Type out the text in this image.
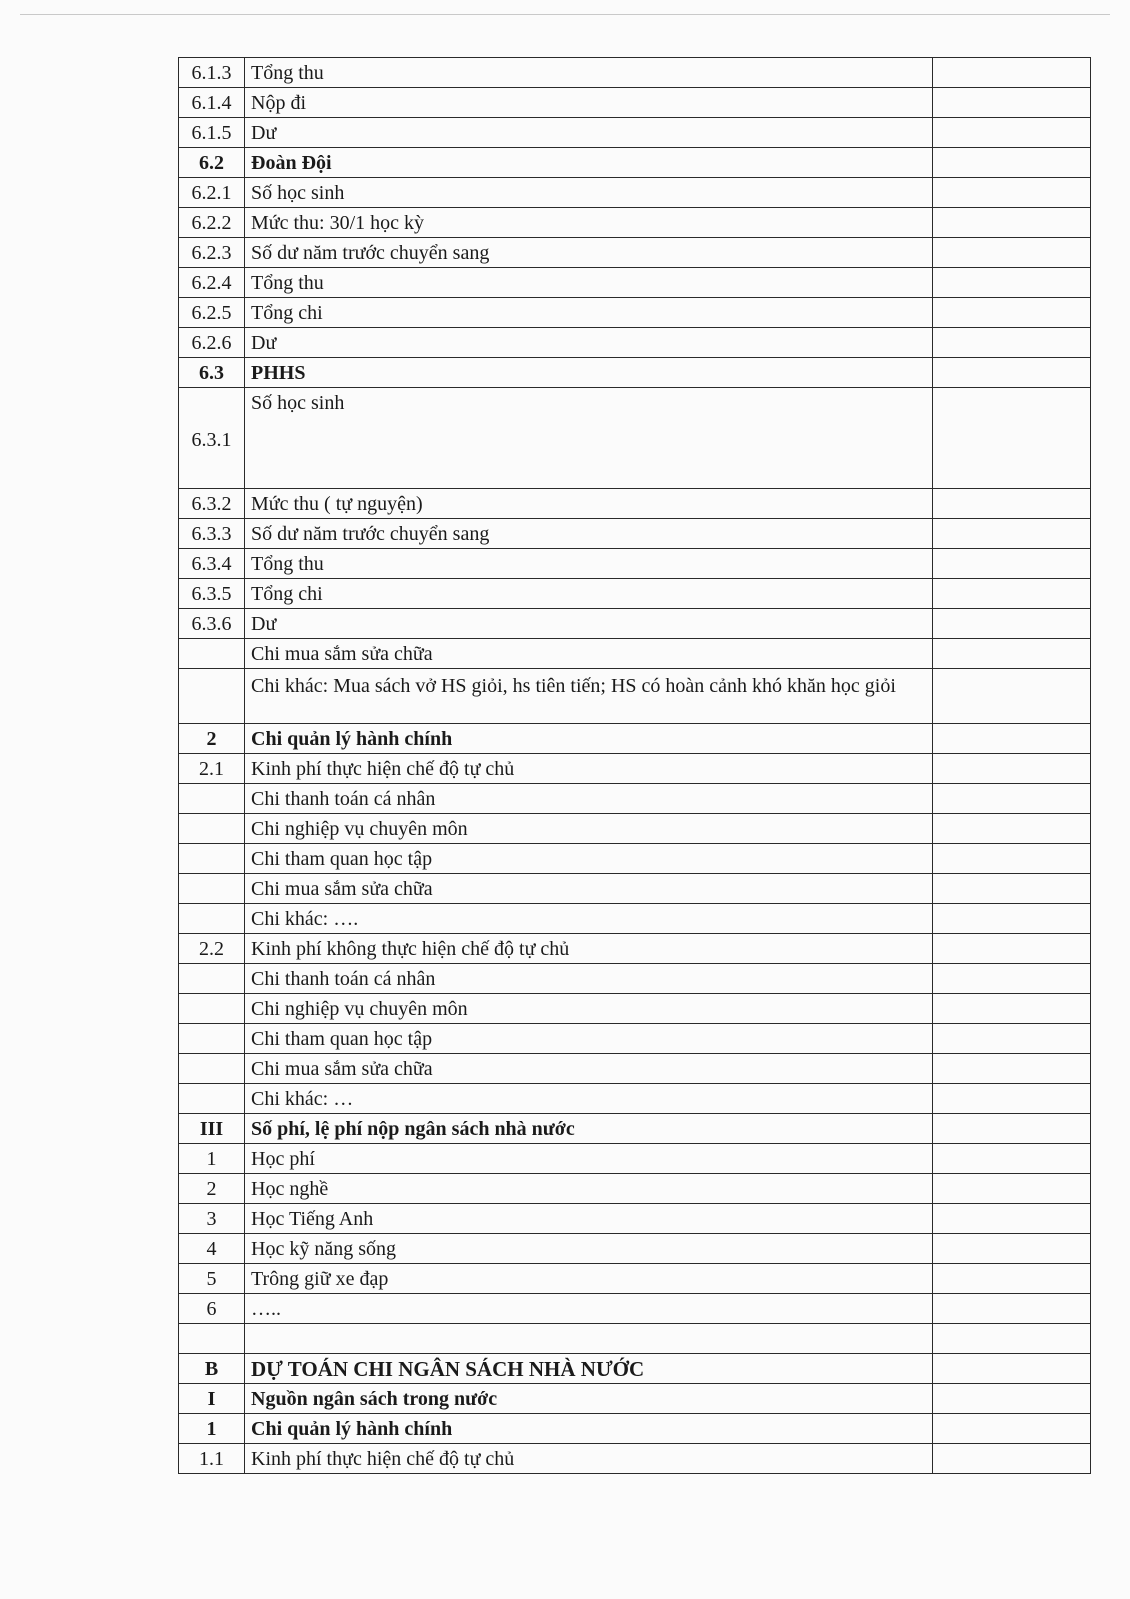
6.1.3	Tổng thu	
6.1.4	Nộp đi	
6.1.5	Dư	
6.2	Đoàn Đội	
6.2.1	Số học sinh	
6.2.2	Mức thu: 30/1 học kỳ	
6.2.3	Số dư năm trước chuyển sang	
6.2.4	Tổng thu	
6.2.5	Tổng chi	
6.2.6	Dư	
6.3	PHHS	
6.3.1	Số học sinh	
6.3.2	Mức thu ( tự nguyện)	
6.3.3	Số dư năm trước chuyển sang	
6.3.4	Tổng thu	
6.3.5	Tổng chi	
6.3.6	Dư	
	Chi mua sắm sửa chữa	
	Chi khác: Mua sách vở HS giỏi, hs tiên tiến; HS có hoàn cảnh khó khăn học giỏi	
2	Chi quản lý hành chính	
2.1	Kinh phí thực hiện chế độ tự chủ	
	Chi thanh toán cá nhân	
	Chi nghiệp vụ chuyên môn	
	Chi tham quan học tập	
	Chi mua sắm sửa chữa	
	Chi khác: ….	
2.2	Kinh phí không thực hiện chế độ tự chủ	
	Chi thanh toán cá nhân	
	Chi nghiệp vụ chuyên môn	
	Chi tham quan học tập	
	Chi mua sắm sửa chữa	
	Chi khác: …	
III	Số phí, lệ phí nộp ngân sách nhà nước	
1	Học phí	
2	Học nghề	
3	Học Tiếng Anh	
4	Học kỹ năng sống	
5	Trông giữ xe đạp	
6	…..	

B	DỰ TOÁN CHI NGÂN SÁCH NHÀ NƯỚC	
I	Nguồn ngân sách trong nước	
1	Chi quản lý hành chính	
1.1	Kinh phí thực hiện chế độ tự chủ	
